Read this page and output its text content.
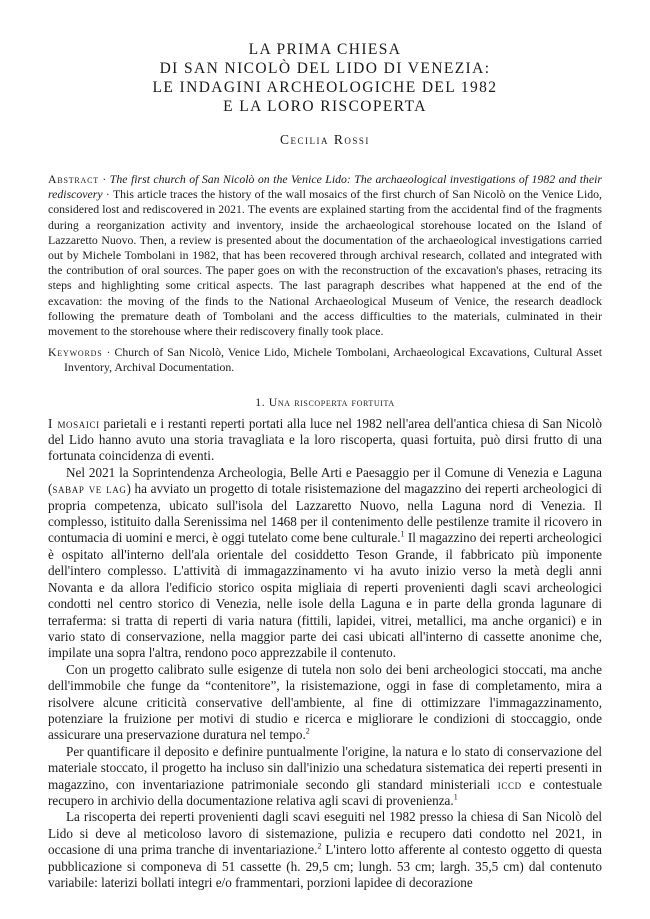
LA PRIMA CHIESA
DI SAN NICOLÒ DEL LIDO DI VENEZIA:
LE INDAGINI ARCHEOLOGICHE DEL 1982
E LA LORO RISCOPERTA
Cecilia Rossi
Abstract · The first church of San Nicolò on the Venice Lido: The archaeological investigations of 1982 and their rediscovery · This article traces the history of the wall mosaics of the first church of San Nicolò on the Venice Lido, considered lost and rediscovered in 2021. The events are explained starting from the accidental find of the fragments during a reorganization activity and inventory, inside the archaeological storehouse located on the Island of Lazzaretto Nuovo. Then, a review is presented about the documentation of the archaeological investigations carried out by Michele Tombolani in 1982, that has been recovered through archival research, collated and integrated with the contribution of oral sources. The paper goes on with the reconstruction of the excavation's phases, retracing its steps and highlighting some critical aspects. The last paragraph describes what happened at the end of the excavation: the moving of the finds to the National Archaeological Museum of Venice, the research deadlock following the premature death of Tombolani and the access difficulties to the materials, culminated in their movement to the storehouse where their rediscovery finally took place.
Keywords · Church of San Nicolò, Venice Lido, Michele Tombolani, Archaeological Excavations, Cultural Asset Inventory, Archival Documentation.
1. Una riscoperta fortuita

I mosaici parietali e i restanti reperti portati alla luce nel 1982 nell'area dell'antica chiesa di San Nicolò del Lido hanno avuto una storia travagliata e la loro riscoperta, quasi fortuita, può dirsi frutto di una fortunata coincidenza di eventi.

Nel 2021 la Soprintendenza Archeologia, Belle Arti e Paesaggio per il Comune di Venezia e Laguna (sabap ve lag) ha avviato un progetto di totale risistemazione del magazzino dei reperti archeologici di propria competenza, ubicato sull'isola del Lazzaretto Nuovo, nella Laguna nord di Venezia. Il complesso, istituito dalla Serenissima nel 1468 per il contenimento delle pestilenze tramite il ricovero in contumacia di uomini e merci, è oggi tutelato come bene culturale.$^1$ Il magazzino dei reperti archeologici è ospitato all'interno dell'ala orientale del cosiddetto Teson Grande, il fabbricato più imponente dell'intero complesso. L'attività di immagazzinamento vi ha avuto inizio verso la metà degli anni Novanta e da allora l'edificio storico ospita migliaia di reperti provenienti dagli scavi archeologici condotti nel centro storico di Venezia, nelle isole della Laguna e in parte della gronda lagunare di terraferma: si tratta di reperti di varia natura (fittili, lapidei, vitrei, metallici, ma anche organici) e in vario stato di conservazione, nella maggior parte dei casi ubicati all'interno di cassette anonime che, impilate una sopra l'altra, rendono poco apprezzabile il contenuto.

Con un progetto calibrato sulle esigenze di tutela non solo dei beni archeologici stoccati, ma anche dell'immobile che funge da “contenitore”, la risistemazione, oggi in fase di completamento, mira a risolvere alcune criticità conservative dell'ambiente, al fine di ottimizzare l'immagazzinamento, potenziare la fruizione per motivi di studio e ricerca e migliorare le condizioni di stoccaggio, onde assicurare una preservazione duratura nel tempo.$^2$

Per quantificare il deposito e definire puntualmente l'origine, la natura e lo stato di conservazione del materiale stoccato, il progetto ha incluso sin dall'inizio una schedatura sistematica dei reperti presenti in magazzino, con inventariazione patrimoniale secondo gli standard ministeriali iccd e contestuale recupero in archivio della documentazione relativa agli scavi di provenienza.$^1$

La riscoperta dei reperti provenienti dagli scavi eseguiti nel 1982 presso la chiesa di San Nicolò del Lido si deve al meticoloso lavoro di sistemazione, pulizia e recupero dati condotto nel 2021, in occasione di una prima tranche di inventariazione.$^2$ L'intero lotto afferente al contesto oggetto di questa pubblicazione si componeva di 51 cassette (h. 29,5 cm; lungh. 53 cm; largh. 35,5 cm) dal contenuto variabile: laterizi bollati integri e/o frammentari, porzioni lapidee di decorazione
